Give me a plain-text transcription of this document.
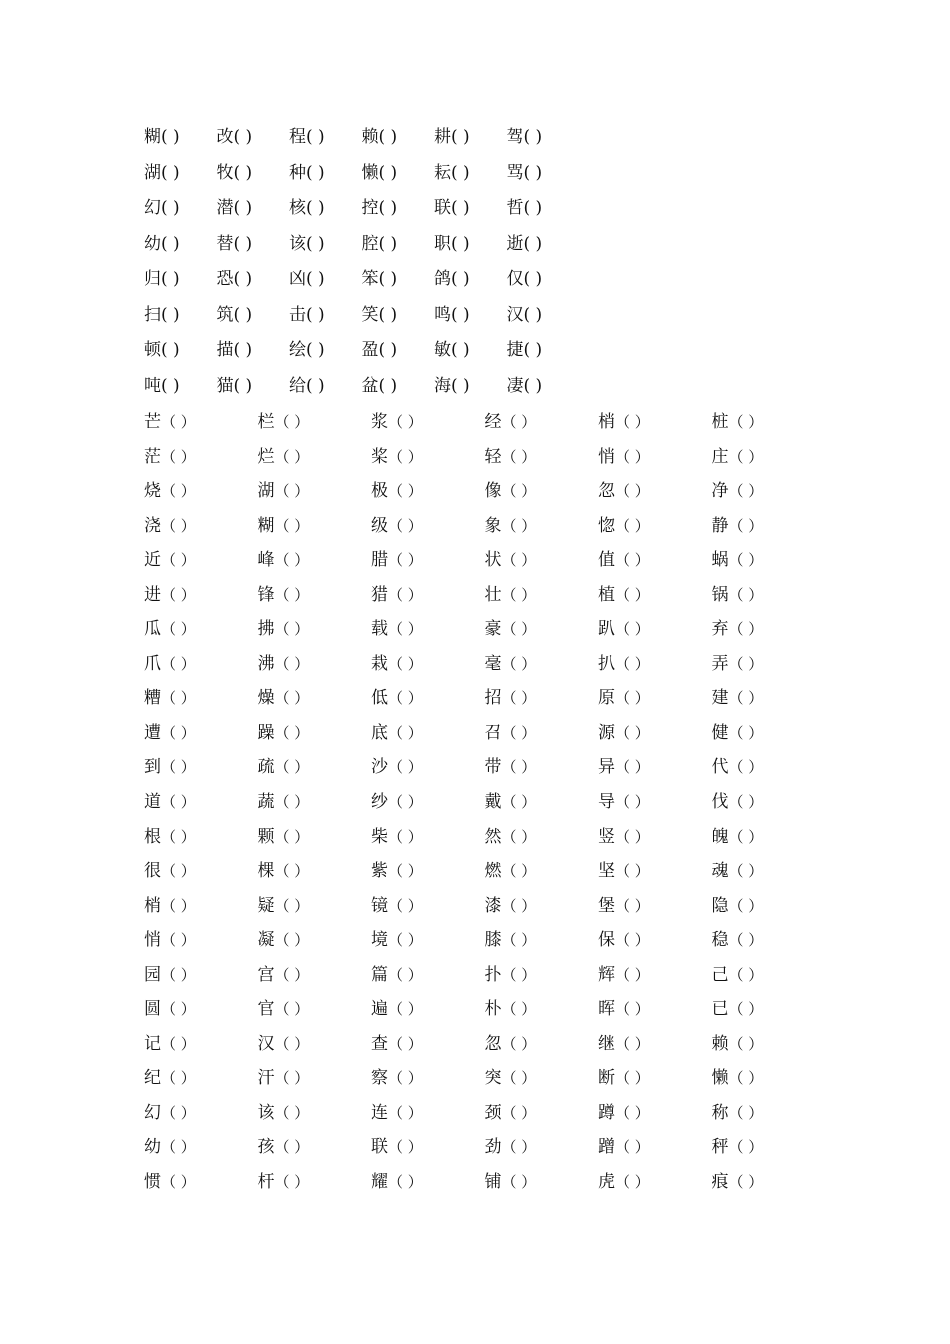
糊( )	改( )	程( )	赖( )	耕( )	驾( )
湖( )	牧( )	种( )	懒( )	耘( )	骂( )
幻( )	潜( )	核( )	控( )	联( )	哲( )
幼( )	替( )	该( )	腔( )	职( )	逝( )
归( )	恐( )	凶( )	笨( )	鸽( )	仅( )
扫( )	筑( )	击( )	笑( )	鸣( )	汉( )
顿( )	描( )	绘( )	盈( )	敏( )	捷( )
吨( )	猫( )	给( )	盆( )	海( )	凄( )
芒（ ）	栏（ ）	浆（ ）	经（ ）	梢（ ）	桩（ ）
茫（ ）	烂（ ）	桨（ ）	轻（ ）	悄（ ）	庄（ ）
烧（ ）	湖（ ）	极（ ）	像（ ）	忽（ ）	净（ ）
浇（ ）	糊（ ）	级（ ）	象（ ）	惚（ ）	静（ ）
近（ ）	峰（ ）	腊（ ）	状（ ）	值（ ）	蜗（ ）
进（ ）	锋（ ）	猎（ ）	壮（ ）	植（ ）	锅（ ）
瓜（ ）	拂（ ）	载（ ）	豪（ ）	趴（ ）	弃（ ）
爪（ ）	沸（ ）	栽（ ）	毫（ ）	扒（ ）	弄（ ）
糟（ ）	燥（ ）	低（ ）	招（ ）	原（ ）	建（ ）
遭（ ）	躁（ ）	底（ ）	召（ ）	源（ ）	健（ ）
到（ ）	疏（ ）	沙（ ）	带（ ）	异（ ）	代（ ）
道（ ）	蔬（ ）	纱（ ）	戴（ ）	导（ ）	伐（ ）
根（ ）	颗（ ）	柴（ ）	然（ ）	竖（ ）	魄（ ）
很（ ）	棵（ ）	紫（ ）	燃（ ）	坚（ ）	魂（ ）
梢（ ）	疑（ ）	镜（ ）	漆（ ）	堡（ ）	隐（ ）
悄（ ）	凝（ ）	境（ ）	膝（ ）	保（ ）	稳（ ）
园（ ）	宫（ ）	篇（ ）	扑（ ）	辉（ ）	己（ ）
圆（ ）	官（ ）	遍（ ）	朴（ ）	晖（ ）	已（ ）
记（ ）	汉（ ）	查（ ）	忽（ ）	继（ ）	赖（ ）
纪（ ）	汗（ ）	察（ ）	突（ ）	断（ ）	懒（ ）
幻（ ）	该（ ）	连（ ）	颈（ ）	蹲（ ）	称（ ）
幼（ ）	孩（ ）	联（ ）	劲（ ）	蹭（ ）	秤（ ）
惯（ ）	杆（ ）	耀（ ）	铺（ ）	虎（ ）	痕（ ）
